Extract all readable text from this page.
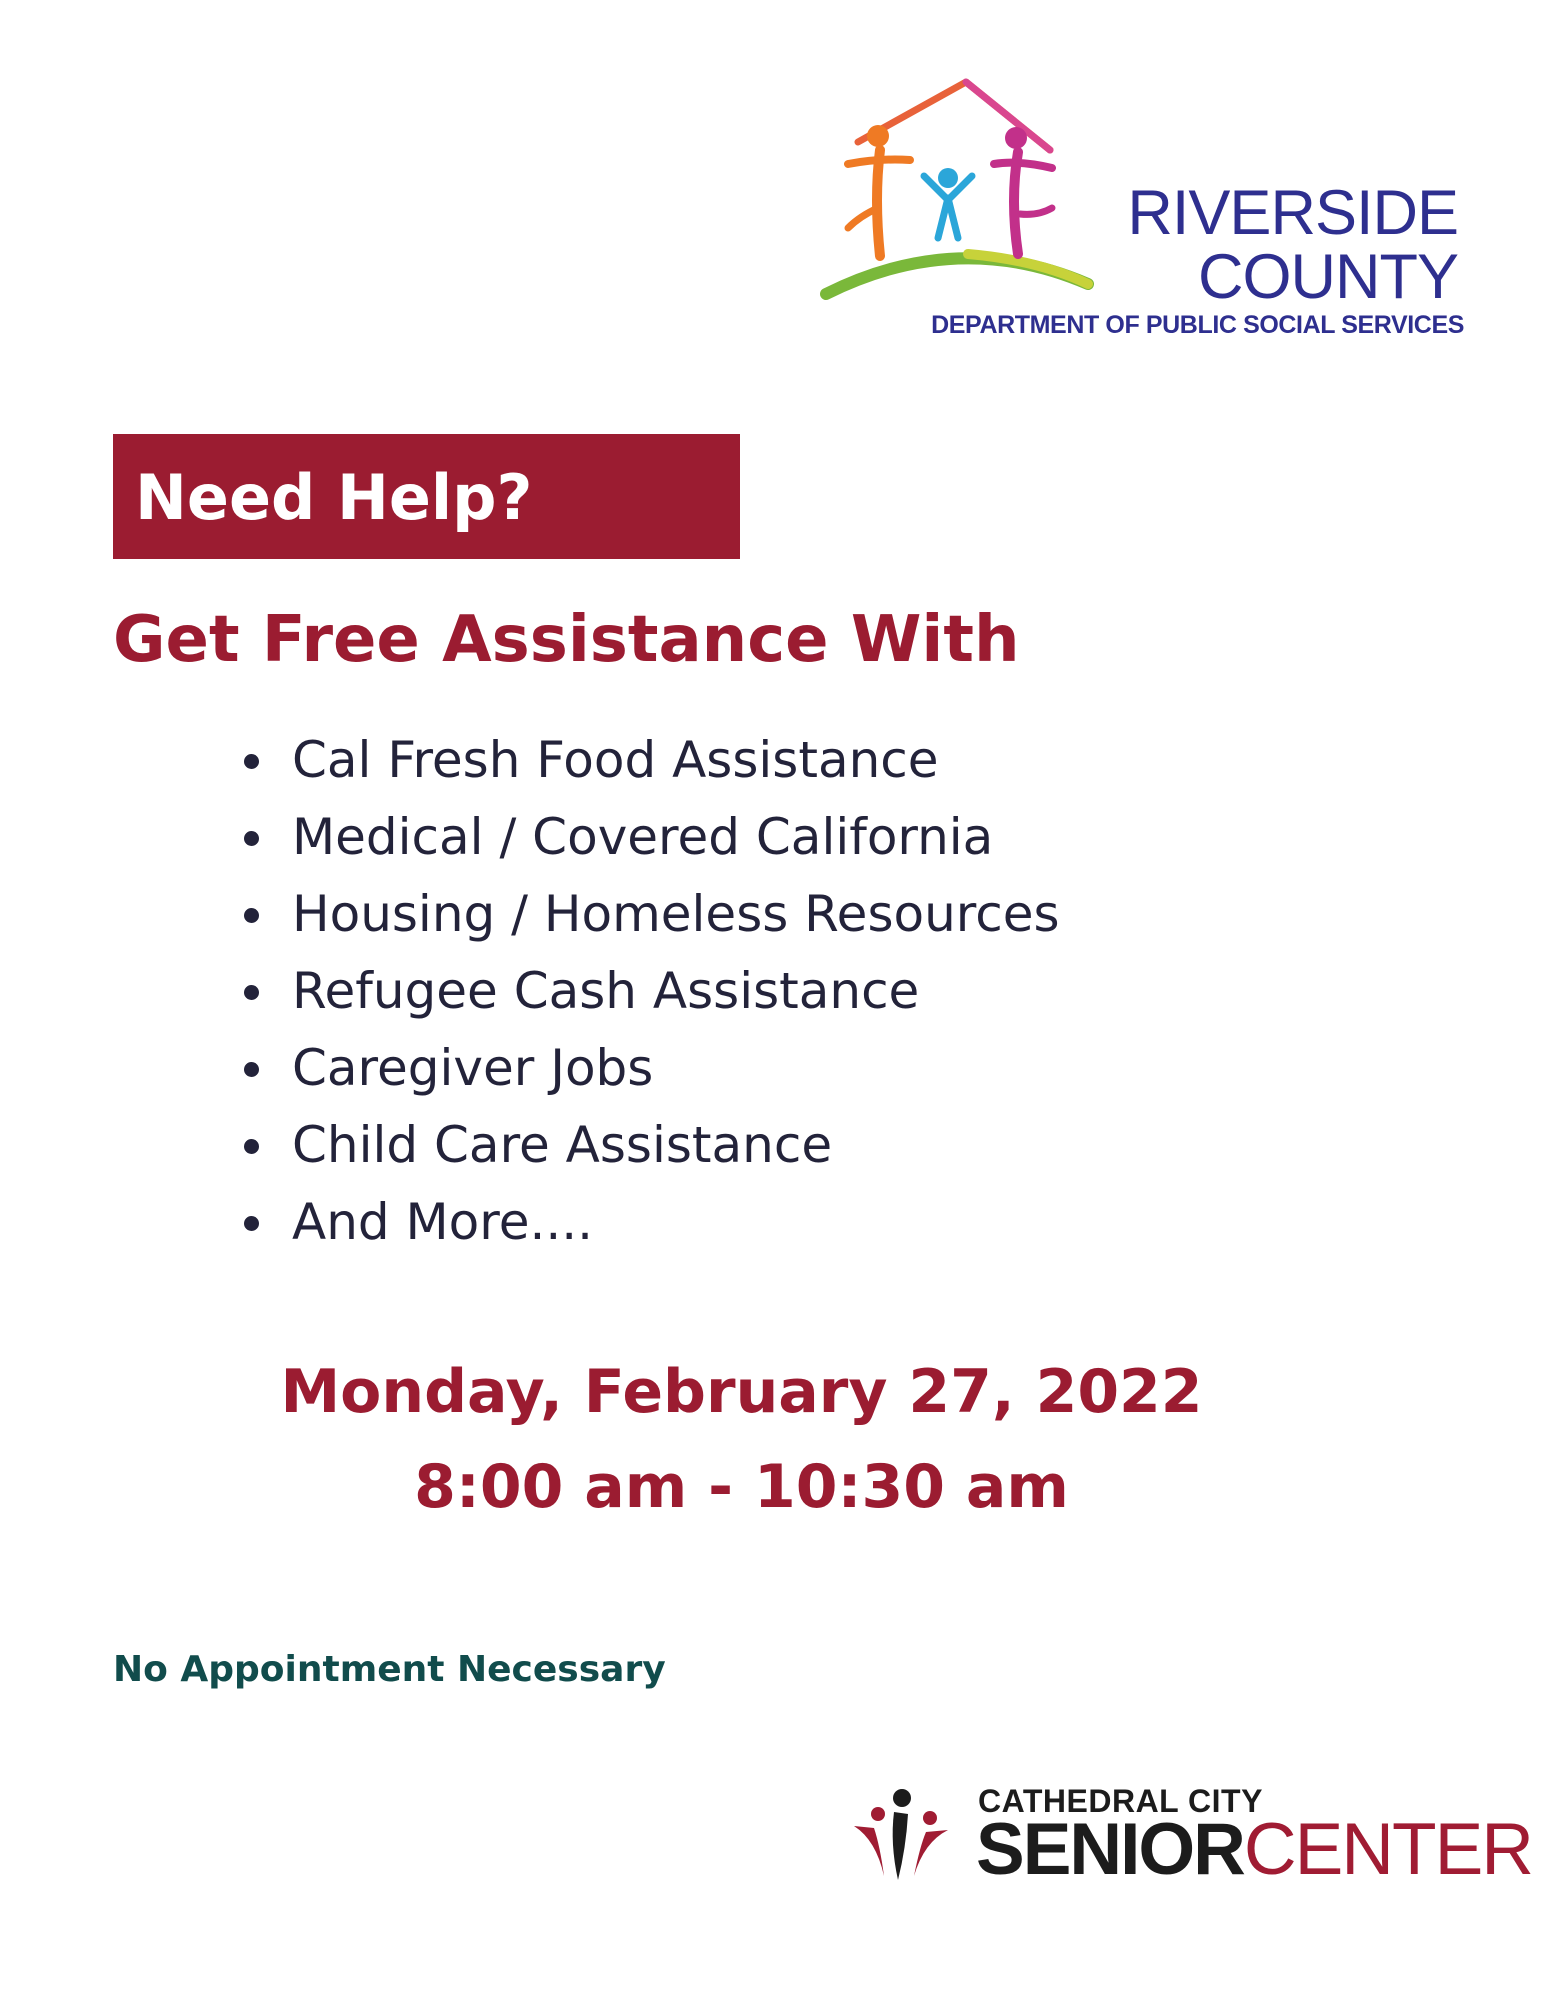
RIVERSIDE
COUNTY
DEPARTMENT OF PUBLIC SOCIAL SERVICES
Need Help?
Get Free Assistance With
Cal Fresh Food Assistance
Medical / Covered California
Housing / Homeless Resources
Refugee Cash Assistance
Caregiver Jobs
Child Care Assistance
And More....
Monday, February 27, 2022
8:00 am - 10:30 am
No Appointment Necessary
CATHEDRAL CITY
SENIORCENTER
